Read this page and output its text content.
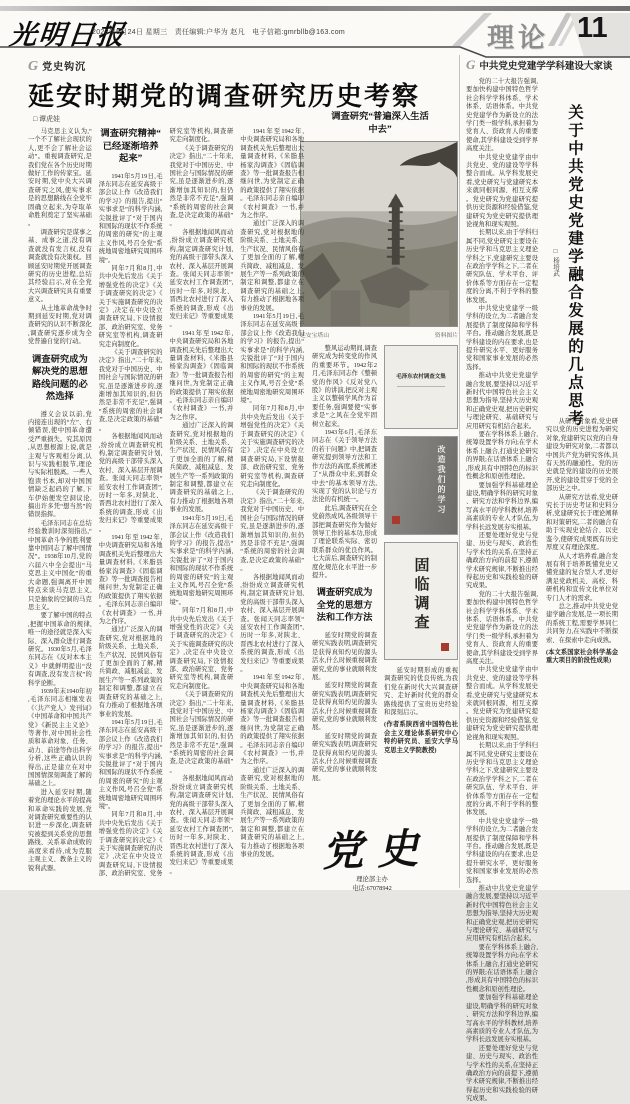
光明日报
2023年5月24日 星期三　责任编辑:户华为 赵凡　电子信箱:gmrbllb@163.com	理论 11
G 党史钩沉
延安时期党的调查研究历史考察
□ 谭虎娃	调查研究“普遍深入生活中去”
延安宝塔山	资料图片

马克思主义认为,“一个不了解社会现状的人,更不会了解社会运动”。重视调查研究,是我们党在各个历史时期做好工作的传家宝。延安时期,党中央大兴调查研究之风,使实事求是的思想路线在全党牢固确立起来,为夺取革命胜利奠定了坚实基础。

调查研究是谋事之基、成事之道,没有调查就没有发言权,没有调查就没有决策权。回顾延安时期党开展调查研究的历史进程,总结其经验启示,对在全党大兴调查研究具有重要意义。

从土地革命战争时期到延安时期,党对调查研究的认识不断深化,调查研究逐步成为全党普遍自觉的行动。

调查研究成为解决党的思想路线问题的必然选择

遵义会议以前,党内接连出现的“左”、右倾错误,使中国革命遭受严重损失。究其原因,从思想根源上说,就是主观与客观相分离,认识与实践相脱节,理论与实际相脱离。一些人饱读书本,却对中国国情缺乏起码的了解,下车伊始便发空洞议论,搞出许多凭“想当然”的错误指挥。

毛泽东同志在总结经验教训时深刻指出,“中国革命斗争的胜利要靠中国同志了解中国情况”。1938年10月,党的六届六中全会提出“马克思主义中国化”的重大命题,强调离开中国特点来谈马克思主义,只是抽象的空洞的马克思主义。

要了解中国的特点,把握中国革命的规律,唯一的途径就是深入实际、深入群众进行调查研究。1930年5月,毛泽东同志在《反对本本主义》中就鲜明提出“没有调查,没有发言权”的科学论断。

1939年末1940年初,毛泽东同志相继发表《〈共产党人〉发刊词》《中国革命和中国共产党》《新民主主义论》等著作,对中国社会性质和革命对象、任务、动力、前途等作出科学分析,这些正确认识的得出,正是建立在对中国国情深刻调查了解的基础之上。

进入延安时期,随着党的理论水平的提高和革命实践的发展,党对调查研究重要性的认识进一步深化,调查研究被提到关系党的思想路线、关系革命成败的高度来看待,成为克服主观主义、教条主义的锐利武器。

调查研究精神“已经逐渐培养起来”

1941年5月19日,毛泽东同志在延安高级干部会议上作《改造我们的学习》的报告,提出“实事求是”的科学内涵,尖锐批评了“对于国内和国际的现状不作系统的周密的研究”的主观主义作风,号召全党“系统地周密地研究周围环境”。

同年7月和8月,中共中央先后发出《关于增强党性的决定》《关于调查研究的决定》《关于实施调查研究的决定》,决定在中央设立调查研究局,下设情报部、政治研究室、党务研究室等机构,调查研究走向制度化。

《关于调查研究的决定》指出,“二十年来,我党对于中国历史、中国社会与国际情况的研究,虽是逐渐进步的,逐渐增加其知识的,但仍然是非常不充足”,强调“系统的周密的社会调查,是决定政策的基础”。

各根据地闻风而动,纷纷成立调查研究机构,制定调查研究计划,党的高级干部带头深入农村、深入基层开展调查。张闻天同志率领“延安农村工作调查团”,历时一年多,对陕北、晋西北农村进行了深入系统的调查,形成《出发归来记》等重要成果。

1941年至1942年,中央调查研究局和各地调查机关先后整理出大量调查材料,《米脂县杨家沟调查》《固临调查》等一批调查报告相继问世,为党制定正确的政策提供了翔实依据。毛泽东同志亲自编印《农村调查》一书,并为之作序。

通过广泛深入的调查研究,党对根据地的阶级关系、土地关系、生产状况、民情风俗有了更加全面的了解,精兵简政、减租减息、发展生产等一系列政策的制定和调整,都建立在调查研究的基础之上,有力推动了根据地各项事业的发展。

1941年5月19日,毛泽东同志在延安高级干部会议上作《改造我们的学习》的报告,提出“实事求是”的科学内涵,尖锐批评了“对于国内和国际的现状不作系统的周密的研究”的主观主义作风,号召全党“系统地周密地研究周围环境”。

同年7月和8月,中共中央先后发出《关于增强党性的决定》《关于调查研究的决定》《关于实施调查研究的决定》,决定在中央设立调查研究局,下设情报部、政治研究室、党务研究室等机构,调查研究走向制度化。

《关于调查研究的决定》指出,“二十年来,我党对于中国历史、中国社会与国际情况的研究,虽是逐渐进步的,逐渐增加其知识的,但仍然是非常不充足”,强调“系统的周密的社会调查,是决定政策的基础”。

各根据地闻风而动,纷纷成立调查研究机构,制定调查研究计划,党的高级干部带头深入农村、深入基层开展调查。张闻天同志率领“延安农村工作调查团”,历时一年多,对陕北、晋西北农村进行了深入系统的调查,形成《出发归来记》等重要成果。

1941年至1942年,中央调查研究局和各地调查机关先后整理出大量调查材料,《米脂县杨家沟调查》《固临调查》等一批调查报告相继问世,为党制定正确的政策提供了翔实依据。毛泽东同志亲自编印《农村调查》一书,并为之作序。

通过广泛深入的调查研究,党对根据地的阶级关系、土地关系、生产状况、民情风俗有了更加全面的了解,精兵简政、减租减息、发展生产等一系列政策的制定和调整,都建立在调查研究的基础之上,有力推动了根据地各项事业的发展。

1941年5月19日,毛泽东同志在延安高级干部会议上作《改造我们的学习》的报告,提出“实事求是”的科学内涵,尖锐批评了“对于国内和国际的现状不作系统的周密的研究”的主观主义作风,号召全党“系统地周密地研究周围环境”。

同年7月和8月,中共中央先后发出《关于增强党性的决定》《关于调查研究的决定》《关于实施调查研究的决定》,决定在中央设立调查研究局,下设情报部、政治研究室、党务研究室等机构,调查研究走向制度化。

《关于调查研究的决定》指出,“二十年来,我党对于中国历史、中国社会与国际情况的研究,虽是逐渐进步的,逐渐增加其知识的,但仍然是非常不充足”,强调“系统的周密的社会调查,是决定政策的基础”。

各根据地闻风而动,纷纷成立调查研究机构,制定调查研究计划,党的高级干部带头深入农村、深入基层开展调查。张闻天同志率领“延安农村工作调查团”,历时一年多,对陕北、晋西北农村进行了深入系统的调查,形成《出发归来记》等重要成果。

1941年至1942年,中央调查研究局和各地调查机关先后整理出大量调查材料,《米脂县杨家沟调查》《固临调查》等一批调查报告相继问世,为党制定正确的政策提供了翔实依据。毛泽东同志亲自编印《农村调查》一书,并为之作序。

通过广泛深入的调查研究,党对根据地的阶级关系、土地关系、生产状况、民情风俗有了更加全面的了解,精兵简政、减租减息、发展生产等一系列政策的制定和调整,都建立在调查研究的基础之上,有力推动了根据地各项事业的发展。

1941年5月19日,毛泽东同志在延安高级干部会议上作《改造我们的学习》的报告,提出“实事求是”的科学内涵,尖锐批评了“对于国内和国际的现状不作系统的周密的研究”的主观主义作风,号召全党“系统地周密地研究周围环境”。

同年7月和8月,中共中央先后发出《关于增强党性的决定》《关于调查研究的决定》《关于实施调查研究的决定》,决定在中央设立调查研究局,下设情报部、政治研究室、党务研究室等机构,调查研究走向制度化。

《关于调查研究的决定》指出,“二十年来,我党对于中国历史、中国社会与国际情况的研究,虽是逐渐进步的,逐渐增加其知识的,但仍然是非常不充足”,强调“系统的周密的社会调查,是决定政策的基础”。

各根据地闻风而动,纷纷成立调查研究机构,制定调查研究计划,党的高级干部带头深入农村、深入基层开展调查。张闻天同志率领“延安农村工作调查团”,历时一年多,对陕北、晋西北农村进行了深入系统的调查,形成《出发归来记》等重要成果。

1941年至1942年,中央调查研究局和各地调查机关先后整理出大量调查材料,《米脂县杨家沟调查》《固临调查》等一批调查报告相继问世,为党制定正确的政策提供了翔实依据。毛泽东同志亲自编印《农村调查》一书,并为之作序。

通过广泛深入的调查研究,党对根据地的阶级关系、土地关系、生产状况、民情风俗有了更加全面的了解,精兵简政、减租减息、发展生产等一系列政策的制定和调整,都建立在调查研究的基础之上,有力推动了根据地各项事业的发展。

整风运动期间,调查研究成为转变党的作风的重要环节。1942年2月,毛泽东同志作《整顿党的作风》《反对党八股》的讲演,把反对主观主义以整顿学风作为首要任务,强调要使“实事求是”之风在全党牢固树立起来。

1943年6月,毛泽东同志在《关于领导方法的若干问题》中,把调查研究提到领导方法和工作方法的高度,系统阐述了“从群众中来,到群众中去”的基本领导方法,实现了党的认识论与方法论的有机统一。

此后,调查研究在全党蔚然成风,各级领导干部把调查研究作为做好领导工作的基本功,形成了理论联系实际、密切联系群众的优良作风。七大前后,调查研究的制度化规范化水平进一步提升。

调查研究成为全党的思想方法和工作方法

延安时期党的调查研究实践表明,调查研究是获得真知灼见的源头活水,什么时候重视调查研究,党的事业就顺利发展。

延安时期党的调查研究实践表明,调查研究是获得真知灼见的源头活水,什么时候重视调查研究,党的事业就顺利发展。

延安时期党的调查研究实践表明,调查研究是获得真知灼见的源头活水,什么时候重视调查研究,党的事业就顺利发展。

毛泽东农村调查文集
改造我们的学习
固临调查

延安时期形成的重视调查研究的优良传统,为我们党在新时代大兴调查研究、走好新时代党的群众路线提供了宝贵历史经验和深刻启示。

(作者系陕西省中国特色社会主义理论体系研究中心特约研究员、延安大学马克思主义学院教授)
党史
理论部主办
电话:67078942
G 中共党史党建学学科建设大家谈

党的二十大报告强调,要加快构建中国特色哲学社会科学学科体系、学术体系、话语体系。中共党史党建学作为新设立的法学门类一级学科,承担着为党育人、资政育人的重要使命,其学科建设受到学界高度关注。

中共党史党建学由中共党史、党的建设等学科整合而成。从学科发展史看,党史研究与党建研究本来就同根同源、相互支撑。党史研究为党建研究提供历史资源和经验借鉴,党建研究为党史研究提供理论视角和现实观照。

长期以来,由于学科归属不同,党史研究主要设在历史学和马克思主义理论学科之下,党建研究主要设在政治学学科之下,二者在研究队伍、学术平台、评价体系等方面存在一定程度的分离,不利于学科的整体发展。

中共党史党建学一级学科的设立,为二者融合发展提供了制度保障和学科平台。推动融合发展,既是学科建设的内在要求,也是提升研究水平、更好服务党和国家事业发展的必然选择。

推动中共党史党建学融合发展,要坚持以习近平新时代中国特色社会主义思想为指导,坚持大历史观和正确党史观,把历史研究与理论研究、基础研究与应用研究有机结合起来。

要在学科体系上融合,统筹设置学科方向;在学术体系上融合,打通史论研究的界限;在话语体系上融合,形成具有中国特色的标识性概念和原创性理论。

要加强学科基础理论建设,明确学科的研究对象、研究方法和学科边界,编写高水平的学科教材,培养高素质的专业人才队伍,为学科长远发展夯实根基。

还要处理好党史与党建、历史与现实、政治性与学术性的关系,在坚持正确政治方向的前提下,遵循学术研究规律,不断推出经得起历史和实践检验的研究成果。

党的二十大报告强调,要加快构建中国特色哲学社会科学学科体系、学术体系、话语体系。中共党史党建学作为新设立的法学门类一级学科,承担着为党育人、资政育人的重要使命,其学科建设受到学界高度关注。

中共党史党建学由中共党史、党的建设等学科整合而成。从学科发展史看,党史研究与党建研究本来就同根同源、相互支撑。党史研究为党建研究提供历史资源和经验借鉴,党建研究为党史研究提供理论视角和现实观照。

长期以来,由于学科归属不同,党史研究主要设在历史学和马克思主义理论学科之下,党建研究主要设在政治学学科之下,二者在研究队伍、学术平台、评价体系等方面存在一定程度的分离,不利于学科的整体发展。

中共党史党建学一级学科的设立,为二者融合发展提供了制度保障和学科平台。推动融合发展,既是学科建设的内在要求,也是提升研究水平、更好服务党和国家事业发展的必然选择。

推动中共党史党建学融合发展,要坚持以习近平新时代中国特色社会主义思想为指导,坚持大历史观和正确党史观,把历史研究与理论研究、基础研究与应用研究有机结合起来。

要在学科体系上融合,统筹设置学科方向;在学术体系上融合,打通史论研究的界限;在话语体系上融合,形成具有中国特色的标识性概念和原创性理论。

要加强学科基础理论建设,明确学科的研究对象、研究方法和学科边界,编写高水平的学科教材,培养高素质的专业人才队伍,为学科长远发展夯实根基。

还要处理好党史与党建、历史与现实、政治性与学术性的关系,在坚持正确政治方向的前提下,遵循学术研究规律,不断推出经得起历史和实践检验的研究成果。

关于中共党史党建学融合发展的几点思考
□ 杨培武

从研究对象看,党史研究以党的历史进程为研究对象,党建研究以党的自身建设为研究对象,二者都以中国共产党为研究客体,具有天然的融通性。党的历史就是党的建设的历史展开,党的建设贯穿于党的全部历史之中。

从研究方法看,党史研究长于历史考证和史料分析,党建研究长于理论阐释和对策研究,二者的融合有助于实现史论结合、以史鉴今,使研究成果既有历史厚度又有理论深度。

从人才培养看,融合发展有利于培养既懂党史又懂党建的复合型人才,更好满足党政机关、高校、科研机构和宣传文化单位对专门人才的需求。

总之,推动中共党史党建学融合发展,是一项长期的系统工程,需要学界同仁共同努力,在实践中不断探索、在探索中走向成熟。

(本文系国家社会科学基金重大项目的阶段性成果)
